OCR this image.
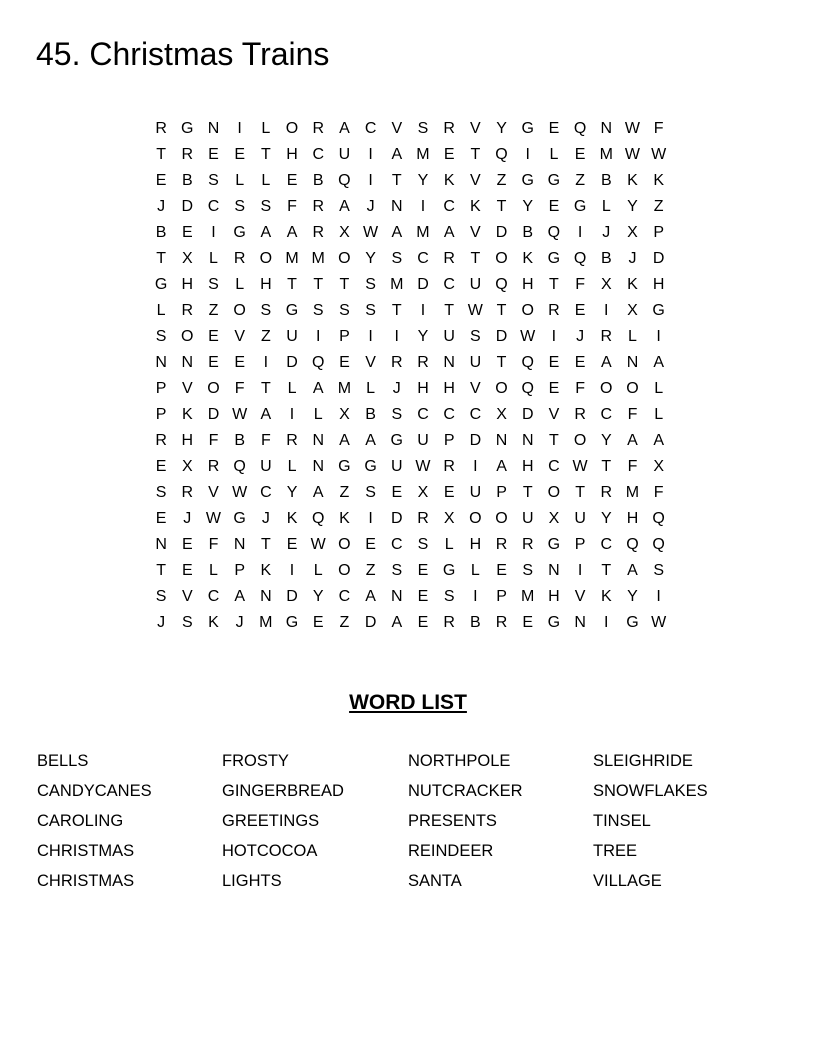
45. Christmas Trains
R G N	I	L O R A C V S R V Y G E Q N W F
T R E E T H C U	I	A M E T Q	I	L	E M W W
E B S	L	L	E B Q	I	T Y K V Z G G Z B K K
J	D C S S F R A	J	N	I	C K T Y E G L	Y Z
B E	I	G A A R X W A M A V D B Q	I	J	X P
T X	L R O M M O Y S C R T O K G Q B	J	D
G H S	L H T	T	T S M D C U Q H T	F X K H
L R Z O S G S S S T	I	T W T O R E	I	X G
S O E V Z U	I	P	I	I	Y U S D W	I	J	R L	I
N N E E	I	D Q E V R R N U T Q E E A N A
P V O F	T	L	A M L	J	H H V O Q E F O O L
P K D W A	I	L	X B S C C C X D V R C F	L
R H F B F R N A A G U P D N N T O Y A A
E X R Q U L N G G U W R	I	A H C W T	F X
S R V W C Y A Z S E X E U P T O T R M F
E	J W G J	K Q K	I	D R X O O U X U Y H Q
N E F N T E W O E C S	L H R R G P C Q Q
T E	L	P K	I	L O Z S E G L	E S N	I	T A S
S V C A N D Y C A N E S	I	P M H V K Y	I
J	S K	J M G E Z D A E R B R E G N	I	G W
WORD LIST
BELLS	FROSTY	NORTHPOLE	SLEIGHRIDE
CANDYCANES	GINGERBREAD	NUTCRACKER	SNOWFLAKES
CAROLING	GREETINGS	PRESENTS	TINSEL
CHRISTMAS	HOTCOCOA	REINDEER	TREE
CHRISTMAS	LIGHTS	SANTA	VILLAGE
